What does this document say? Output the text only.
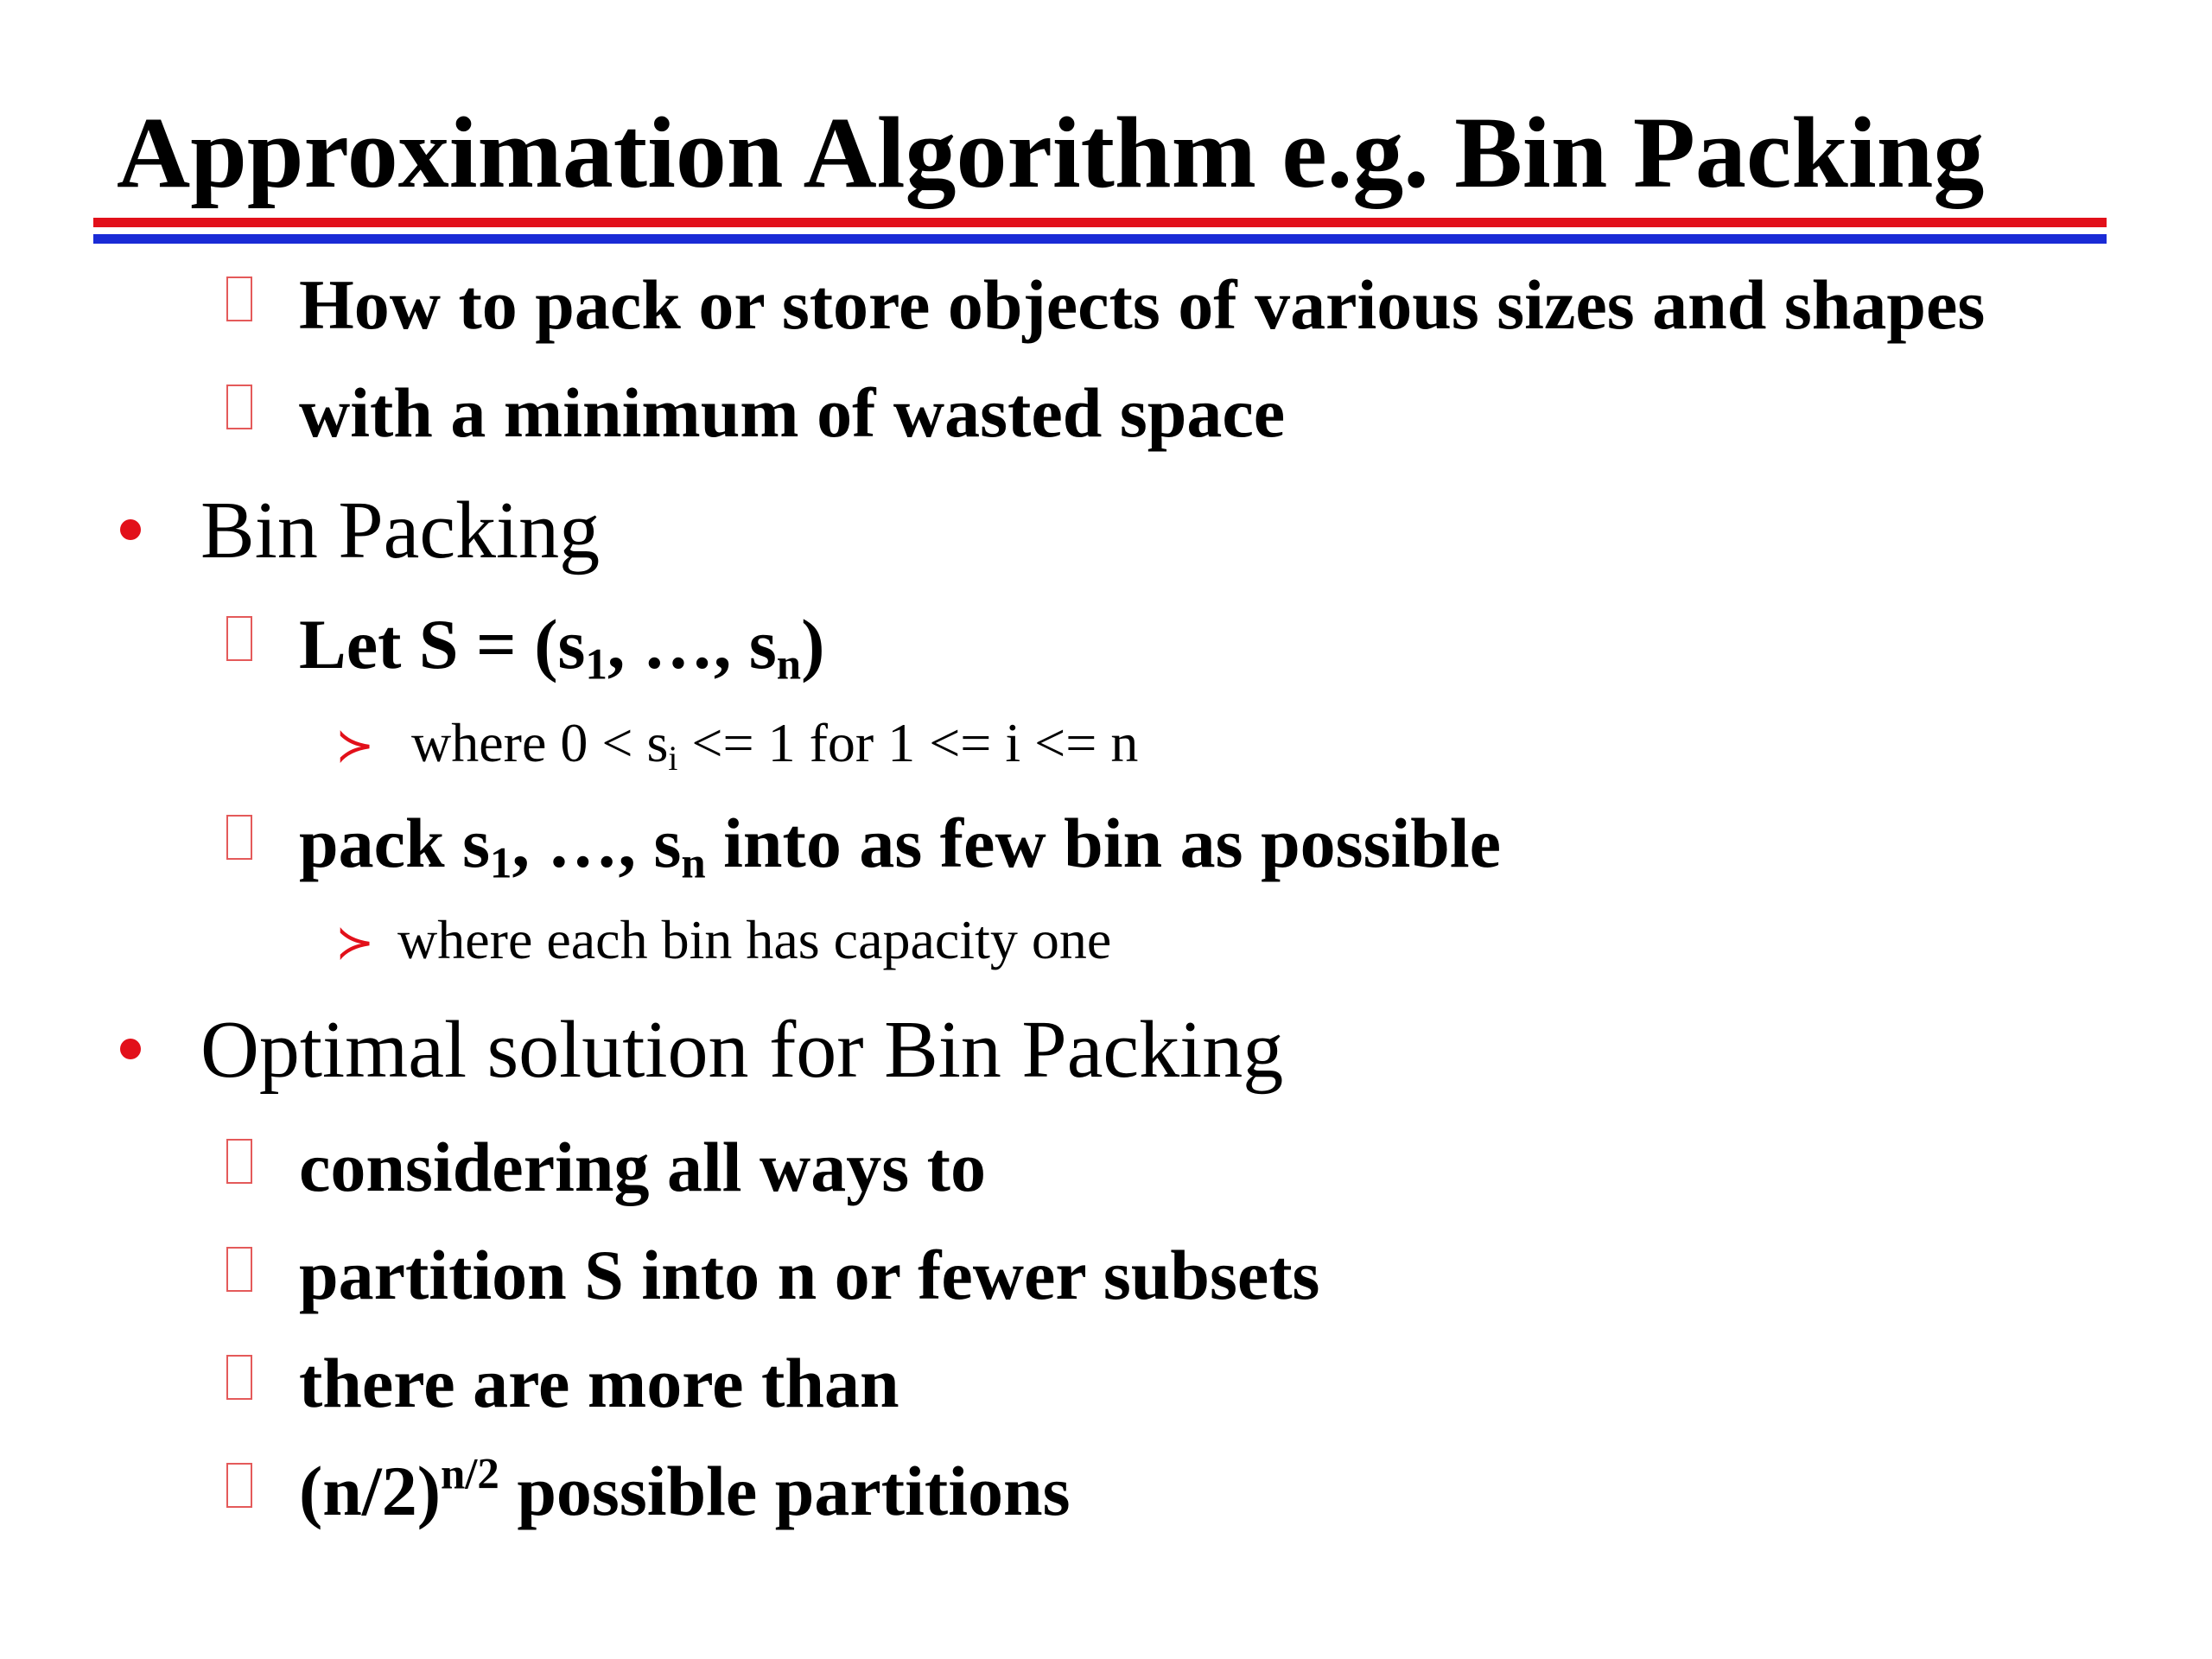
Approximation Algorithm e.g. Bin Packing
How to pack or store objects of various sizes and shapes
with a minimum of wasted space
Bin Packing
Let $S = (s_1$, …, $s_n$)
≻ where $0 < s_i <= 1$ for 1 <= i <= n
pack $s_1$, …, $s_n$ into as few bin as possible
≻ where each bin has capacity one
Optimal solution for Bin Packing
considering all ways to
partition S into n or fewer subsets
there are more than
$(n/2)^{n/2}$ possible partitions
